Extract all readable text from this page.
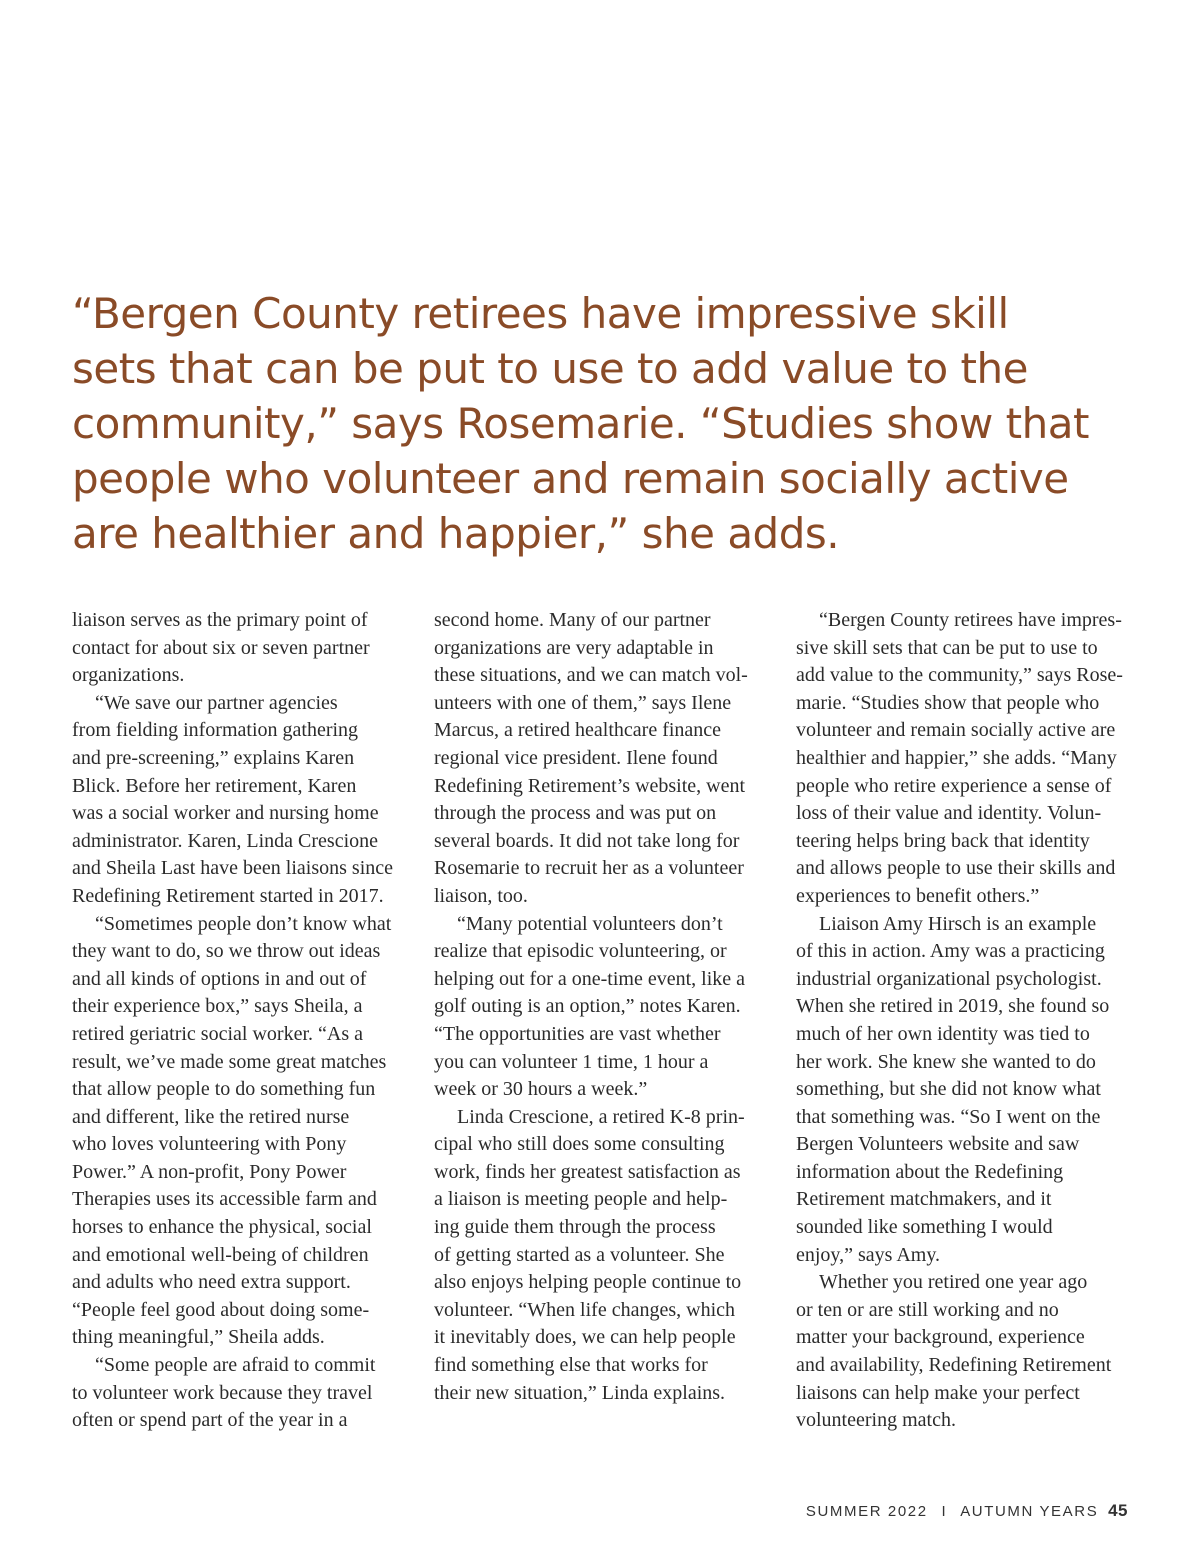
“Bergen County retirees have impressive skill
sets that can be put to use to add value to the
community,” says Rosemarie. “Studies show that
people who volunteer and remain socially active
are healthier and happier,” she adds.
liaison serves as the primary point of
contact for about six or seven partner
organizations.
“We save our partner agencies
from fielding information gathering
and pre-screening,” explains Karen
Blick. Before her retirement, Karen
was a social worker and nursing home
administrator. Karen, Linda Crescione
and Sheila Last have been liaisons since
Redefining Retirement started in 2017.
“Sometimes people don’t know what
they want to do, so we throw out ideas
and all kinds of options in and out of
their experience box,” says Sheila, a
retired geriatric social worker. “As a
result, we’ve made some great matches
that allow people to do something fun
and different, like the retired nurse
who loves volunteering with Pony
Power.” A non-profit, Pony Power
Therapies uses its accessible farm and
horses to enhance the physical, social
and emotional well-being of children
and adults who need extra support.
“People feel good about doing some-
thing meaningful,” Sheila adds.
“Some people are afraid to commit
to volunteer work because they travel
often or spend part of the year in a
second home. Many of our partner
organizations are very adaptable in
these situations, and we can match vol-
unteers with one of them,” says Ilene
Marcus, a retired healthcare finance
regional vice president. Ilene found
Redefining Retirement’s website, went
through the process and was put on
several boards. It did not take long for
Rosemarie to recruit her as a volunteer
liaison, too.
“Many potential volunteers don’t
realize that episodic volunteering, or
helping out for a one-time event, like a
golf outing is an option,” notes Karen.
“The opportunities are vast whether
you can volunteer 1 time, 1 hour a
week or 30 hours a week.”
Linda Crescione, a retired K-8 prin-
cipal who still does some consulting
work, finds her greatest satisfaction as
a liaison is meeting people and help-
ing guide them through the process
of getting started as a volunteer. She
also enjoys helping people continue to
volunteer. “When life changes, which
it inevitably does, we can help people
find something else that works for
their new situation,” Linda explains.
“Bergen County retirees have impres-
sive skill sets that can be put to use to
add value to the community,” says Rose-
marie. “Studies show that people who
volunteer and remain socially active are
healthier and happier,” she adds. “Many
people who retire experience a sense of
loss of their value and identity. Volun-
teering helps bring back that identity
and allows people to use their skills and
experiences to benefit others.”
Liaison Amy Hirsch is an example
of this in action. Amy was a practicing
industrial organizational psychologist.
When she retired in 2019, she found so
much of her own identity was tied to
her work. She knew she wanted to do
something, but she did not know what
that something was. “So I went on the
Bergen Volunteers website and saw
information about the Redefining
Retirement matchmakers, and it
sounded like something I would
enjoy,” says Amy.
Whether you retired one year ago
or ten or are still working and no
matter your background, experience
and availability, Redefining Retirement
liaisons can help make your perfect
volunteering match.
SUMMER 2022 I AUTUMN YEARS 45
